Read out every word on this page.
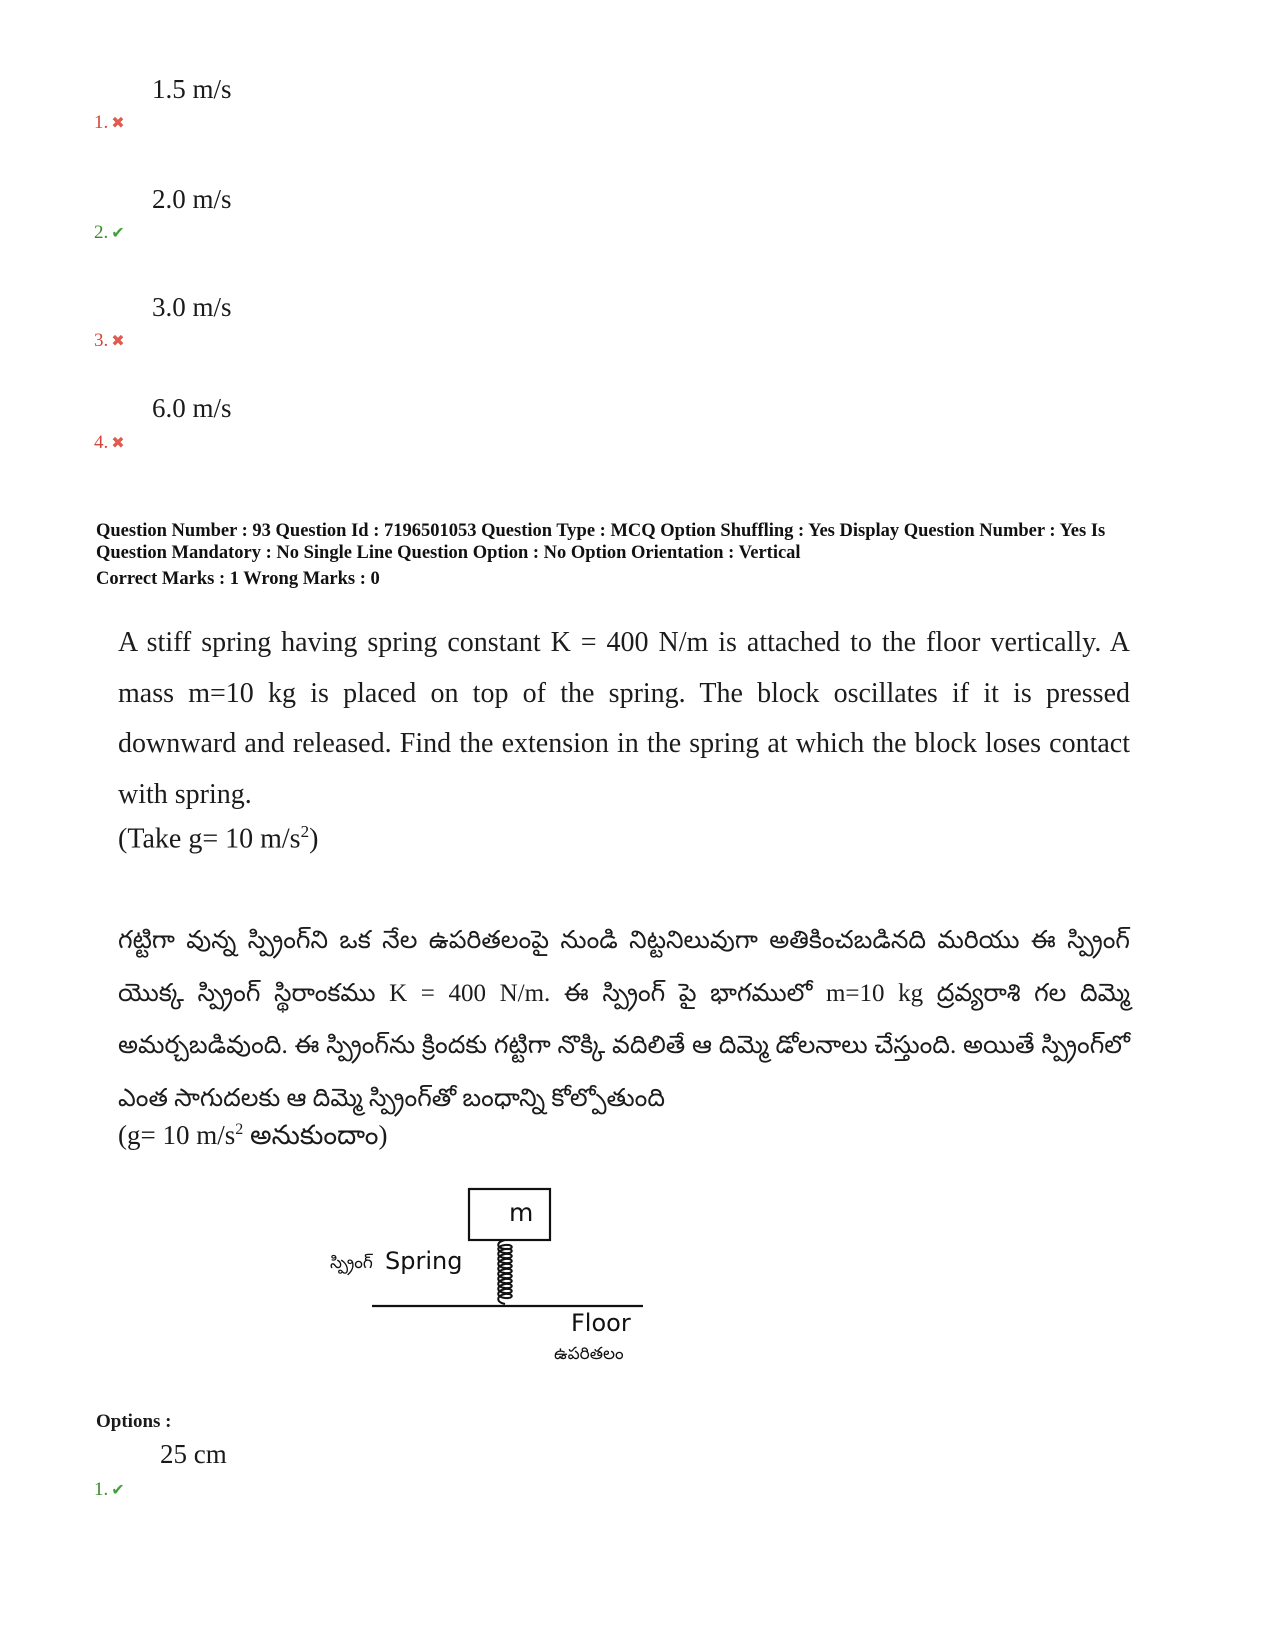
1.5 m/s
1. ✖
2.0 m/s
2. ✔
3.0 m/s
3. ✖
6.0 m/s
4. ✖
Question Number : 93 Question Id : 7196501053 Question Type : MCQ Option Shuffling : Yes Display Question Number : Yes Is
Question Mandatory : No Single Line Question Option : No Option Orientation : Vertical
Correct Marks : 1 Wrong Marks : 0
A stiff spring having spring constant K = 400 N/m is attached to the floor vertically. A mass m=10 kg is placed on top of the spring. The block oscillates if it is pressed downward and released. Find the extension in the spring at which the block loses contact with spring.
(Take g= 10 $m/s^2$)
గట్టిగా వున్న స్ప్రింగ్‌ని ఒక నేల ఉపరితలంపై నుండి నిట్టనిలువుగా అతికించబడినది మరియు ఈ స్ప్రింగ్ యొక్క స్ప్రింగ్ స్థిరాంకము K = 400 N/m. ఈ స్ప్రింగ్ పై భాగములో m=10 kg ద్రవ్యరాశి గల దిమ్మె అమర్చబడివుంది. ఈ స్ప్రింగ్‌ను క్రిందకు గట్టిగా నొక్కి వదిలితే ఆ దిమ్మె డోలనాలు చేస్తుంది. అయితే స్ప్రింగ్‌లో ఎంత సాగుదలకు ఆ దిమ్మె స్ప్రింగ్‌తో బంధాన్ని కోల్పోతుంది
(g= 10 $m/s^2$ అనుకుందాం)
m
స్ప్రింగ్ Spring
Floor
ఉపరితలం
Options :
25 cm
1. ✔
